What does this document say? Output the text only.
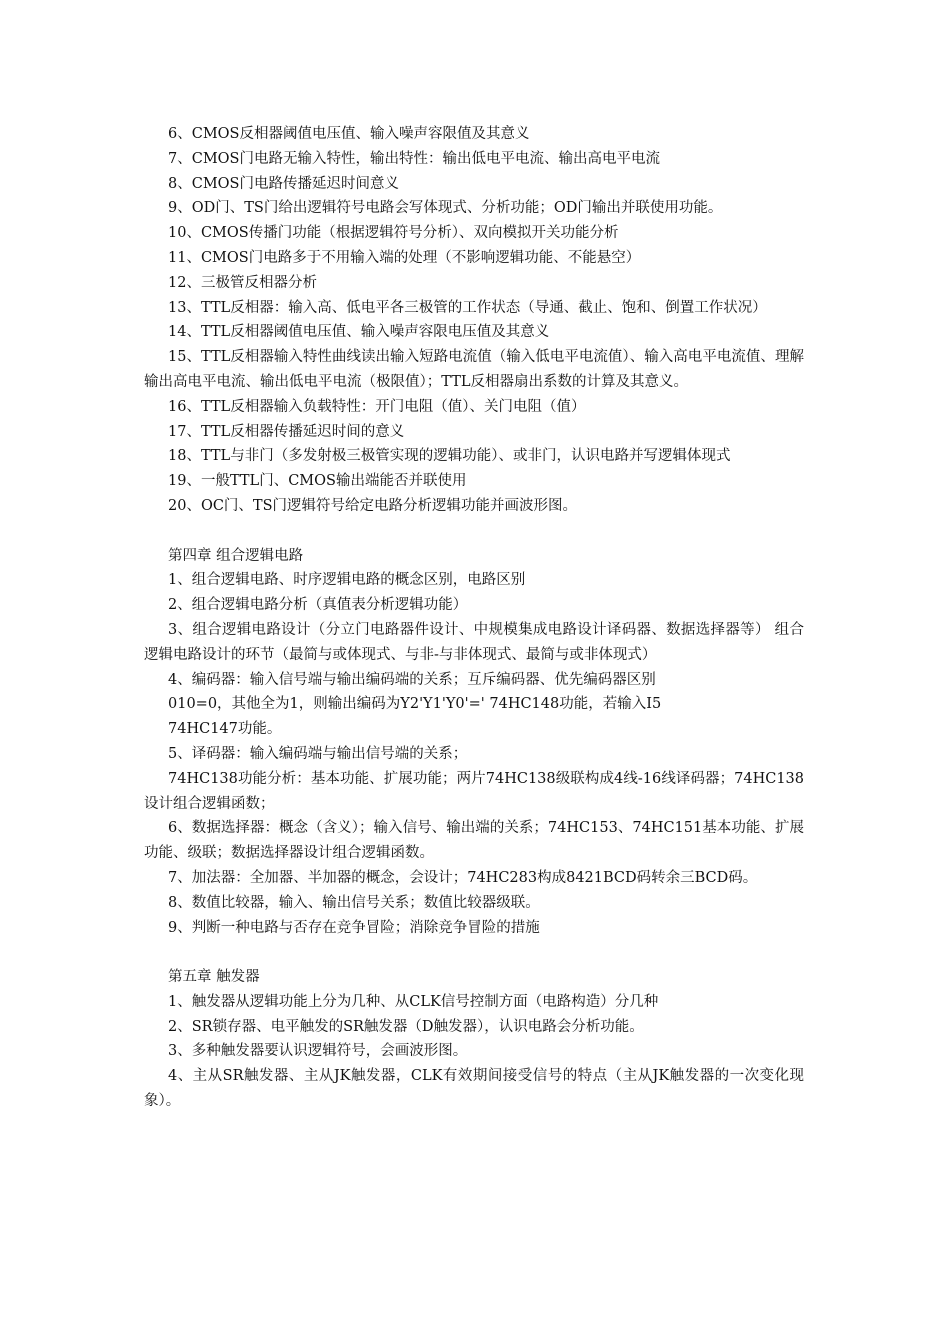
6、CMOS反相器阈值电压值、输入噪声容限值及其意义

7、CMOS门电路无输入特性，输出特性：输出低电平电流、输出高电平电流

8、CMOS门电路传播延迟时间意义

9、OD门、TS门给出逻辑符号电路会写体现式、分析功能；OD门输出并联使用功能。

10、CMOS传播门功能（根据逻辑符号分析）、双向模拟开关功能分析

11、CMOS门电路多于不用输入端的处理（不影响逻辑功能、不能悬空）

12、三极管反相器分析

13、TTL反相器：输入高、低电平各三极管的工作状态（导通、截止、饱和、倒置工作状况）

14、TTL反相器阈值电压值、输入噪声容限电压值及其意义

15、TTL反相器输入特性曲线读出输入短路电流值（输入低电平电流值）、输入高电平电流值、理解输出高电平电流、输出低电平电流（极限值）；TTL反相器扇出系数的计算及其意义。

16、TTL反相器输入负载特性：开门电阻（值）、关门电阻（值）

17、TTL反相器传播延迟时间的意义

18、TTL与非门（多发射极三极管实现的逻辑功能）、或非门，认识电路并写逻辑体现式

19、一般TTL门、CMOS输出端能否并联使用

20、OC门、TS门逻辑符号给定电路分析逻辑功能并画波形图。

第四章 组合逻辑电路

1、组合逻辑电路、时序逻辑电路的概念区别，电路区别

2、组合逻辑电路分析（真值表分析逻辑功能）

3、组合逻辑电路设计（分立门电路器件设计、中规模集成电路设计译码器、数据选择器等） 组合逻辑电路设计的环节（最简与或体现式、与非-与非体现式、最简与或非体现式）

4、编码器：输入信号端与输出编码端的关系；互斥编码器、优先编码器区别

010=0，其他全为1，则输出编码为Y2'Y1'Y0'=' 74HC148功能，若输入I5

74HC147功能。

5、译码器：输入编码端与输出信号端的关系；

74HC138功能分析：基本功能、扩展功能；两片74HC138级联构成4线-16线译码器；74HC138设计组合逻辑函数；

6、数据选择器：概念（含义）；输入信号、输出端的关系；74HC153、74HC151基本功能、扩展功能、级联；数据选择器设计组合逻辑函数。

7、加法器：全加器、半加器的概念，会设计；74HC283构成8421BCD码转余三BCD码。

8、数值比较器，输入、输出信号关系；数值比较器级联。

9、判断一种电路与否存在竞争冒险；消除竞争冒险的措施

第五章 触发器

1、触发器从逻辑功能上分为几种、从CLK信号控制方面（电路构造）分几种

2、SR锁存器、电平触发的SR触发器（D触发器），认识电路会分析功能。

3、多种触发器要认识逻辑符号，会画波形图。

4、主从SR触发器、主从JK触发器，CLK有效期间接受信号的特点（主从JK触发器的一次变化现象）。
